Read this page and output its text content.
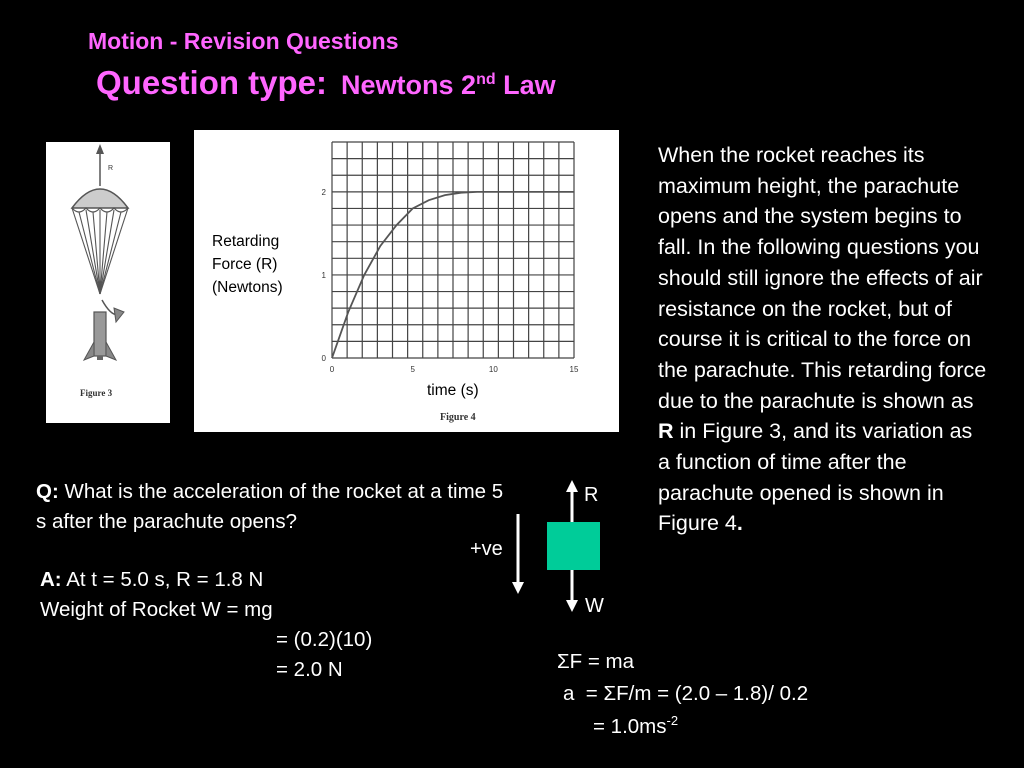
Motion - Revision Questions
Question type: Newtons 2nd Law
R
Figure 3
0	5	10	15
0
1
2
Figure 4
Retarding
Force (R)
(Newtons)
time (s)
When the rocket reaches its maximum height, the parachute opens and the system begins to fall. In the following questions you should still ignore the effects of air resistance on the rocket, but of course it is critical to the force on the parachute. This retarding force due to the parachute is shown as R in Figure 3, and its variation as a function of time after the parachute opened is shown in Figure 4.
Q: What is the acceleration of the rocket at a time 5 s after the parachute opens?
A: At t = 5.0 s, R = 1.8 N
Weight of Rocket W = mg
= (0.2)(10)
= 2.0 N
+ve
R
W
ΣF = ma
a  = ΣF/m = (2.0 – 1.8)/ 0.2
= $1.0ms^{-2}$
